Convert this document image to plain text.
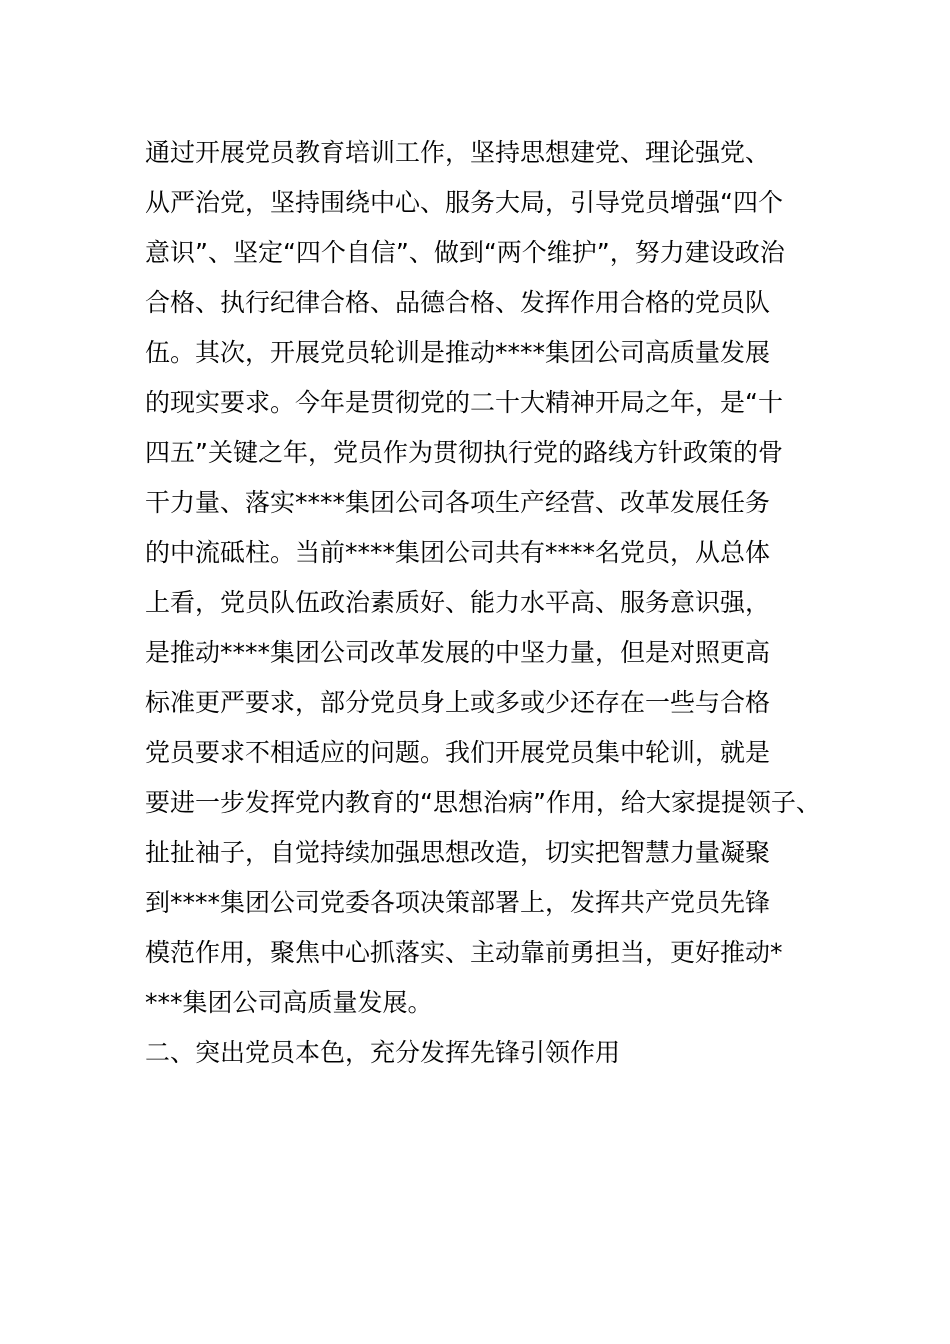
通过开展党员教育培训工作，坚持思想建党、理论强党、
从严治党，坚持围绕中心、服务大局，引导党员增强“四个
意识”、坚定“四个自信”、做到“两个维护”，努力建设政治
合格、执行纪律合格、品德合格、发挥作用合格的党员队
伍。其次，开展党员轮训是推动****集团公司高质量发展
的现实要求。今年是贯彻党的二十大精神开局之年，是“十
四五”关键之年，党员作为贯彻执行党的路线方针政策的骨
干力量、落实****集团公司各项生产经营、改革发展任务
的中流砥柱。当前****集团公司共有****名党员，从总体
上看，党员队伍政治素质好、能力水平高、服务意识强，
是推动****集团公司改革发展的中坚力量，但是对照更高
标准更严要求，部分党员身上或多或少还存在一些与合格
党员要求不相适应的问题。我们开展党员集中轮训，就是
要进一步发挥党内教育的“思想治病”作用，给大家提提领子、
扯扯袖子，自觉持续加强思想改造，切实把智慧力量凝聚
到****集团公司党委各项决策部署上，发挥共产党员先锋
模范作用，聚焦中心抓落实、主动靠前勇担当，更好推动*
***集团公司高质量发展。
二、突出党员本色，充分发挥先锋引领作用
